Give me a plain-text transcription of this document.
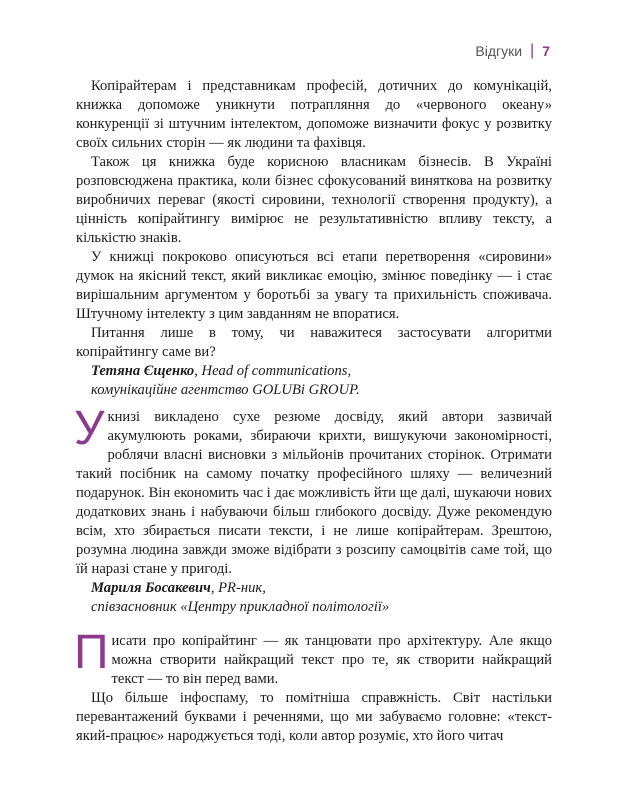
Відгуки | 7

Копірайтерам і представникам професій, дотичних до комунікацій, книжка допоможе уникнути потрапляння до «червоного океану» конкуренції зі штучним інтелектом, допоможе визначити фокус у розвитку своїх сильних сторін — як людини та фахівця.

Також ця книжка буде корисною власникам бізнесів. В Україні розповсюджена практика, коли бізнес сфокусований виняткова на розвитку виробничих переваг (якості сировини, технології створення продукту), а цінність копірайтингу вимірює не результативністю впливу тексту, а кількістю знаків.

У книжці покроково описуються всі етапи перетворення «сировини» думок на якісний текст, який викликає емоцію, змінює поведінку — і стає вирішальним аргументом у боротьбі за увагу та прихильність споживача. Штучному інтелекту з цим завданням не впоратися.

Питання лише в тому, чи наважитеся застосувати алгоритми копірайтингу саме ви?

Тетяна Єщенко, Head of communications,

комунікаційне агентство GOLUBi GROUP.

У книзі викладено сухе резюме досвіду, який автори зазвичай акумулюють роками, збираючи крихти, вишукуючи закономірності, роблячи власні висновки з мільйонів прочитаних сторінок. Отримати такий посібник на самому початку професійного шляху — величезний подарунок. Він економить час і дає можливість йти ще далі, шукаючи нових додаткових знань і набуваючи більш глибокого досвіду. Дуже рекомендую всім, хто збирається писати тексти, і не лише копірайтерам. Зрештою, розумна людина завжди зможе відібрати з розсипу самоцвітів саме той, що їй наразі стане у пригоді.

Мариля Босакевич, PR-ник,

співзасновник «Центру прикладної політології»

Писати про копірайтинг — як танцювати про архітектуру. Але якщо можна створити найкращий текст про те, як створити найкращий текст — то він перед вами.

Що більше інфоспаму, то помітніша справжність. Світ настільки перевантажений буквами і реченнями, що ми забуваємо головне: «текст-який-працює» народжується тоді, коли автор розуміє, хто його читач
